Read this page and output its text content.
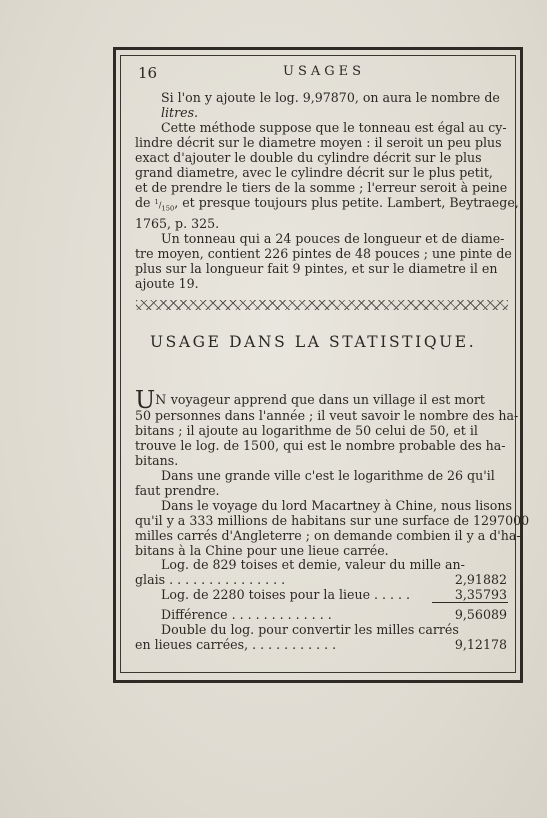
16	USAGES
Si l'on y ajoute le log. 9,97870, on aura le nombre de
litres.
Cette méthode suppose que le tonneau est égal au cy-
lindre décrit sur le diametre moyen : il seroit un peu plus
exact d'ajouter le double du cylindre décrit sur le plus
grand diametre, avec le cylindre décrit sur le plus petit,
et de prendre le tiers de la somme ; l'erreur seroit à peine
de
$^1/_{150}$ , et presque toujours plus petite. Lambert, Beytraege,
1765, p. 325.
Un tonneau qui a 24 pouces de longueur et de diame-
tre moyen, contient 226 pintes de 48 pouces ; une pinte de
plus sur la longueur fait 9 pintes, et sur le diametre il en
ajoute 19.
USAGE DANS LA STATISTIQUE.
U N
voyageur apprend que dans un village il est mort
50 personnes dans l'année ; il veut savoir le nombre des ha-
bitans ; il ajoute au logarithme de 50 celui de 50, et il
trouve le log. de 1500, qui est le nombre probable des ha-
bitans.
Dans une grande ville c'est le logarithme de 26 qu'il
faut prendre.
Dans le voyage du lord Macartney à Chine, nous lisons
qu'il y a 333 millions de habitans sur une surface de 1297000
milles carrés d'Angleterre ; on demande combien il y a d'ha-
bitans à la Chine pour une lieue carrée.
Log. de 829 toises et demie, valeur du mille an-
glais . . . . . . . . . . . . . . .	2,91882
Log. de 2280 toises pour la lieue . . . . .	3,35793
Différence . . . . . . . . . . . . .	9,56089
Double du log. pour convertir les milles carrés
en lieues carrées, . . . . . . . . . . .	9,12178
